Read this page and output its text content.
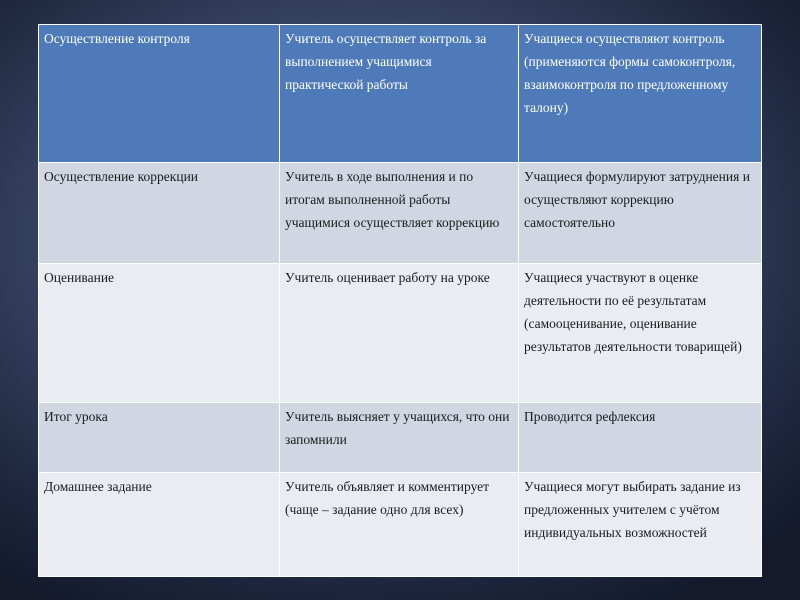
Осуществление контроля	Учитель осуществляет контроль за выполнением учащимися практической работы	Учащиеся осуществляют контроль (применяются формы самоконтроля, взаимоконтроля по предложенному талону)
Осуществление коррекции	Учитель в ходе выполнения и по итогам выполненной работы учащимися осуществляет коррекцию	Учащиеся формулируют затруднения и осуществляют коррекцию самостоятельно
Оценивание	Учитель оценивает работу на уроке	Учащиеся участвуют в оценке деятельности по её результатам (самооценивание, оценивание результатов деятельности товарищей)
Итог урока	Учитель выясняет у учащихся, что они запомнили	Проводится рефлексия
Домашнее задание	Учитель объявляет и комментирует (чаще – задание одно для всех)	Учащиеся могут выбирать задание из предложенных учителем с учётом индивидуальных возможностей
